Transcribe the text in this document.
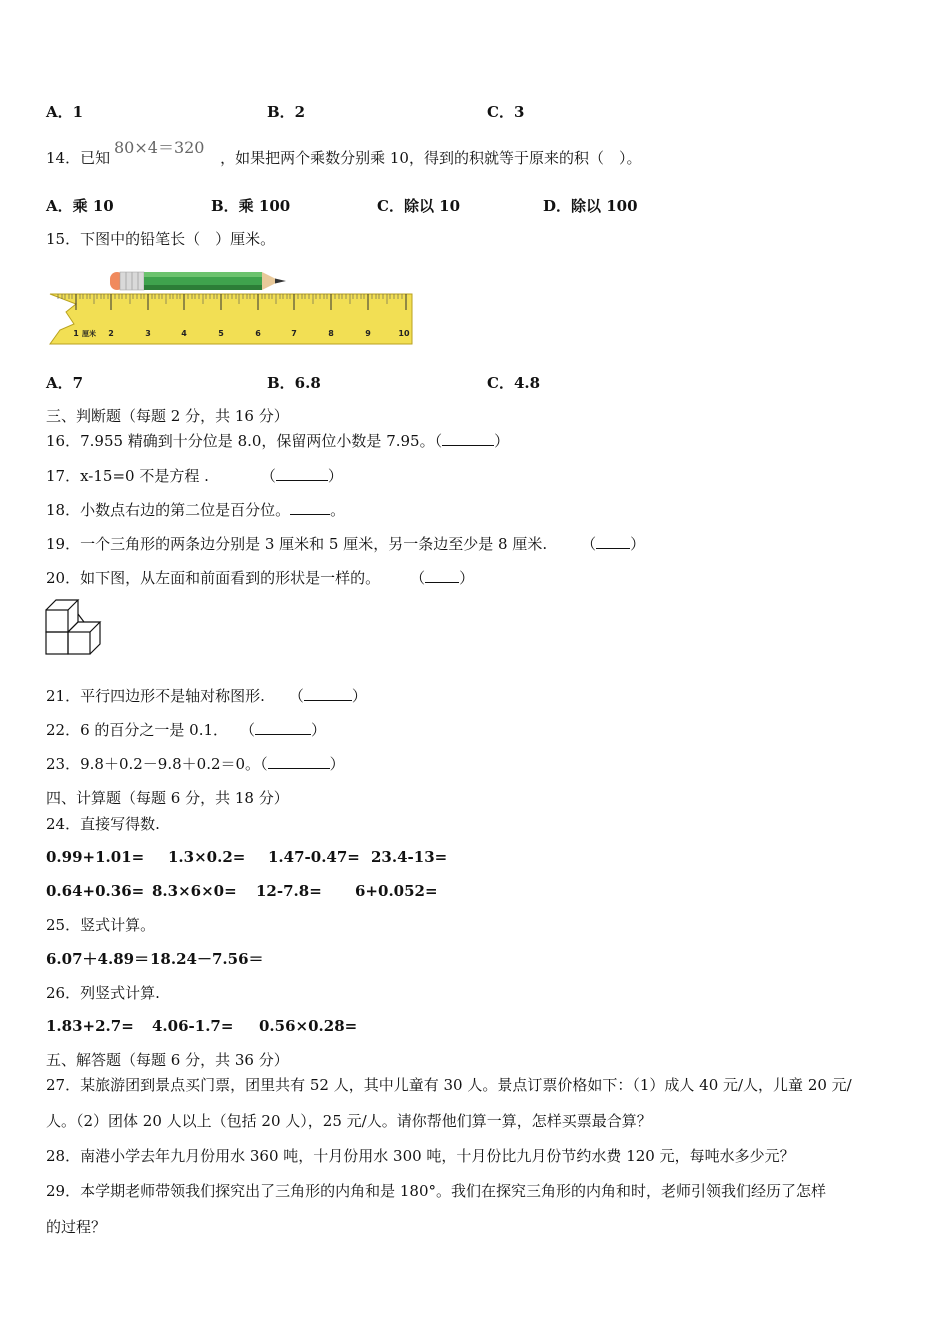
A．1	B．2	C．3
14．已知	，如果把两个乘数分别乘 10，得到的积就等于原来的积（　）。
80×4＝320
A．乘 10	B．乘 100	C．除以 10	D．除以 100
15．下图中的铅笔长（　）厘米。
1 厘米 2	3	4	5	6	7	8	9	10
A．7	B．6.8	C．4.8
三、判断题（每题 2 分，共 16 分）
16．7.955 精确到十分位是 8.0，保留两位小数是 7.95。（	）
17．x-15=0 不是方程 .	（	）
18．小数点右边的第二位是百分位。	。
19．一个三角形的两条边分别是 3 厘米和 5 厘米，另一条边至少是 8 厘米. （ ）
20．如下图，从左面和前面看到的形状是一样的。 （ ）
21．平行四边形不是轴对称图形. （	）
22．6 的百分之一是 0.1． （	）
23．9.8＋0.2－9.8＋0.2＝0。（	）
四、计算题（每题 6 分，共 18 分）
24．直接写得数.
0.99+1.01= 1.3×0.2= 1.47-0.47= 23.4-13=
0.64+0.36= 8.3×6×0= 12-7.8= 6+0.052=
25．竖式计算。
6.07＋4.89＝ 18.24－7.56＝
26．列竖式计算.
1.83+2.7= 4.06-1.7= 0.56×0.28=
五、解答题（每题 6 分，共 36 分）
27．某旅游团到景点买门票，团里共有 52 人，其中儿童有 30 人。景点订票价格如下：（1）成人 40 元/人，儿童 20 元/
人。（2）团体 20 人以上（包括 20 人），25 元/人。请你帮他们算一算，怎样买票最合算？
28．南港小学去年九月份用水 360 吨，十月份用水 300 吨，十月份比九月份节约水费 120 元，每吨水多少元？
29．本学期老师带领我们探究出了三角形的内角和是 180°。我们在探究三角形的内角和时，老师引领我们经历了怎样
的过程？
